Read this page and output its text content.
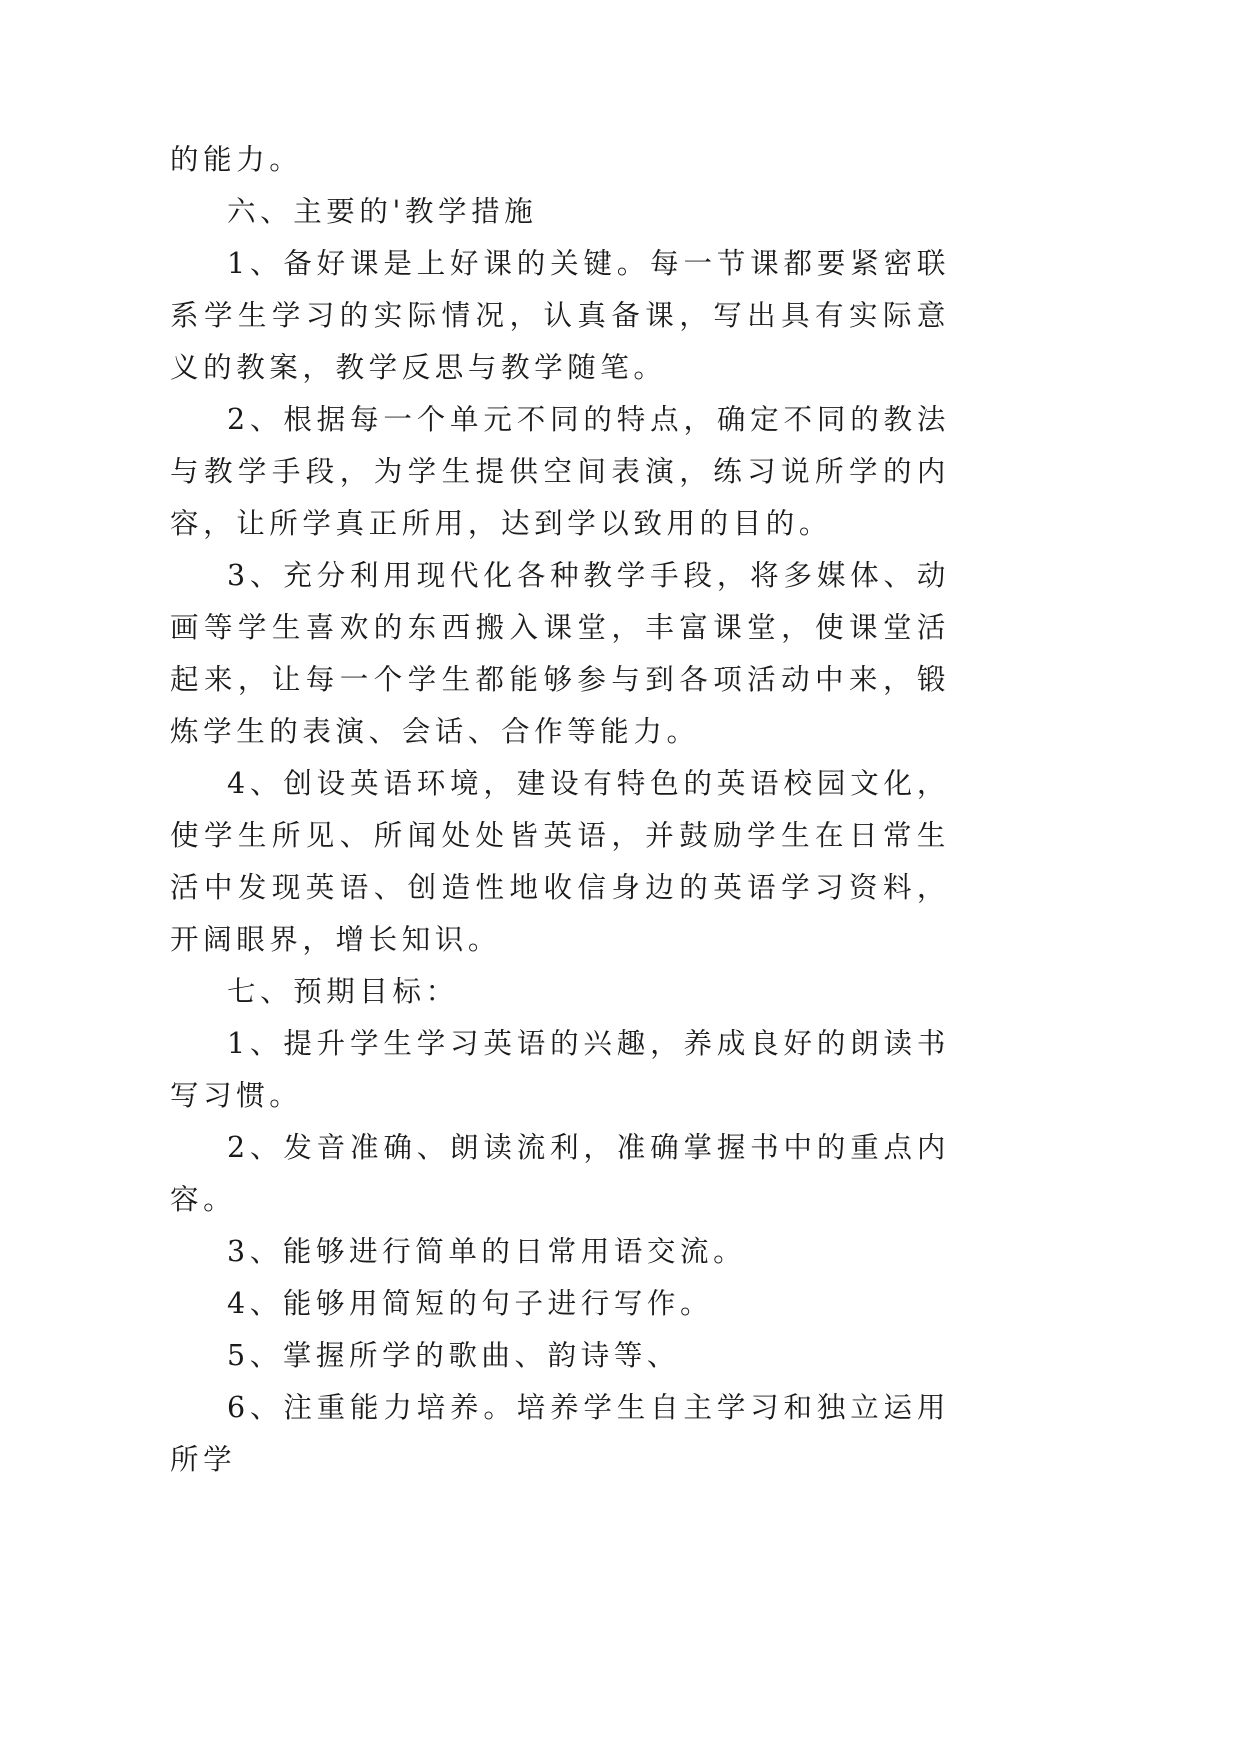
的能力。

六、主要的'教学措施

1、备好课是上好课的关键。每一节课都要紧密联系学生学习的实际情况，认真备课，写出具有实际意义的教案，教学反思与教学随笔。

2、根据每一个单元不同的特点，确定不同的教法与教学手段，为学生提供空间表演，练习说所学的内容，让所学真正所用，达到学以致用的目的。

3、充分利用现代化各种教学手段，将多媒体、动画等学生喜欢的东西搬入课堂，丰富课堂，使课堂活起来，让每一个学生都能够参与到各项活动中来，锻炼学生的表演、会话、合作等能力。

4、创设英语环境，建设有特色的英语校园文化，使学生所见、所闻处处皆英语，并鼓励学生在日常生活中发现英语、创造性地收信身边的英语学习资料，开阔眼界，增长知识。

七、预期目标：

1、提升学生学习英语的兴趣，养成良好的朗读书写习惯。

2、发音准确、朗读流利，准确掌握书中的重点内容。

3、能够进行简单的日常用语交流。

4、能够用简短的句子进行写作。

5、掌握所学的歌曲、韵诗等、

6、注重能力培养。培养学生自主学习和独立运用所学
